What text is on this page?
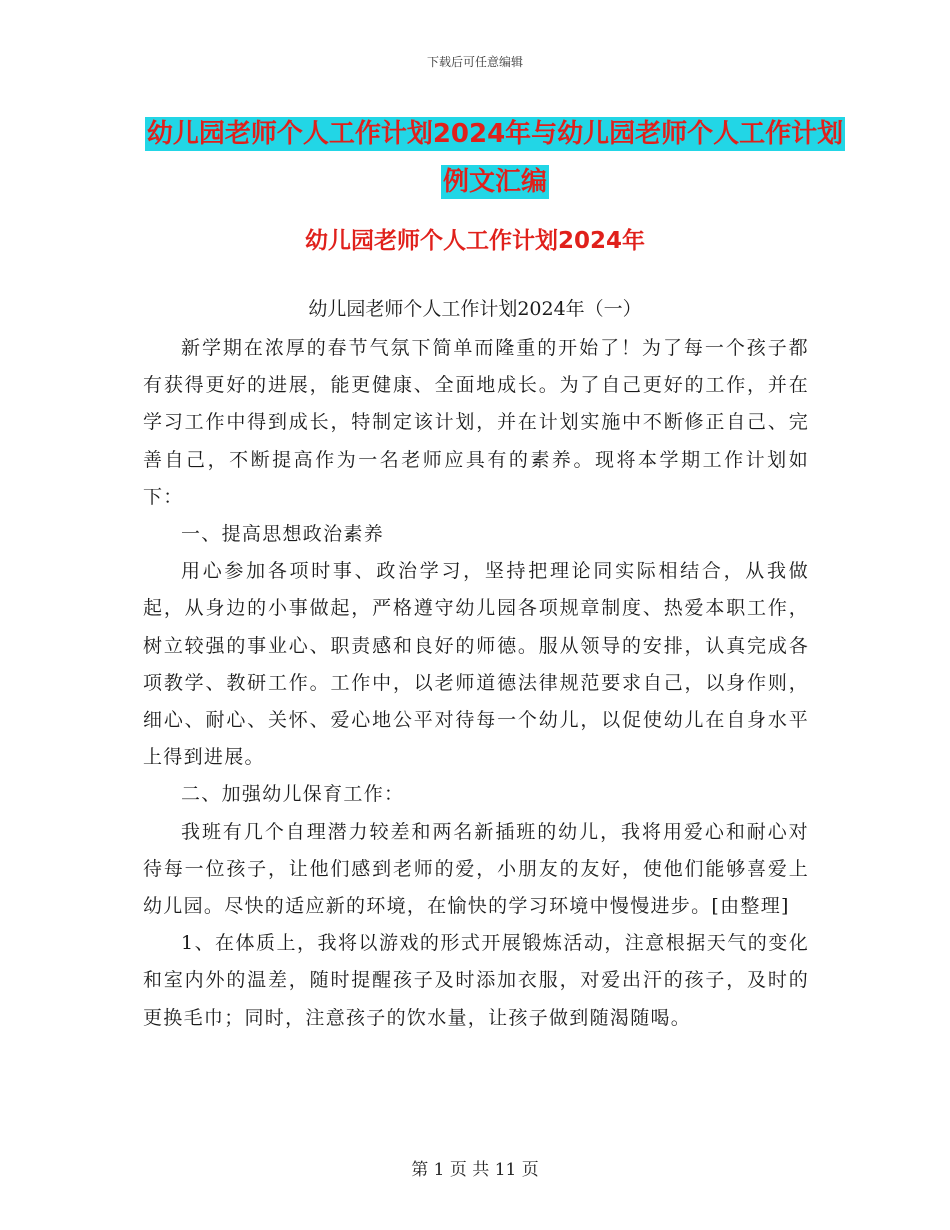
下载后可任意编辑
幼儿园老师个人工作计划2024年与幼儿园老师个人工作计划例文汇编
幼儿园老师个人工作计划2024年
幼儿园老师个人工作计划2024年（一）

新学期在浓厚的春节气氛下简单而隆重的开始了！为了每一个孩子都有获得更好的进展，能更健康、全面地成长。为了自己更好的工作，并在学习工作中得到成长，特制定该计划，并在计划实施中不断修正自己、完善自己，不断提高作为一名老师应具有的素养。现将本学期工作计划如下：

一、提高思想政治素养

用心参加各项时事、政治学习，坚持把理论同实际相结合，从我做起，从身边的小事做起，严格遵守幼儿园各项规章制度、热爱本职工作，树立较强的事业心、职责感和良好的师德。服从领导的安排，认真完成各项教学、教研工作。工作中，以老师道德法律规范要求自己，以身作则，细心、耐心、关怀、爱心地公平对待每一个幼儿，以促使幼儿在自身水平上得到进展。

二、加强幼儿保育工作：

我班有几个自理潜力较差和两名新插班的幼儿，我将用爱心和耐心对待每一位孩子，让他们感到老师的爱，小朋友的友好，使他们能够喜爱上幼儿园。尽快的适应新的环境，在愉快的学习环境中慢慢进步。[由整理]

1、在体质上，我将以游戏的形式开展锻炼活动，注意根据天气的变化和室内外的温差，随时提醒孩子及时添加衣服，对爱出汗的孩子，及时的更换毛巾；同时，注意孩子的饮水量，让孩子做到随渴随喝。

第 1 页 共 11 页
